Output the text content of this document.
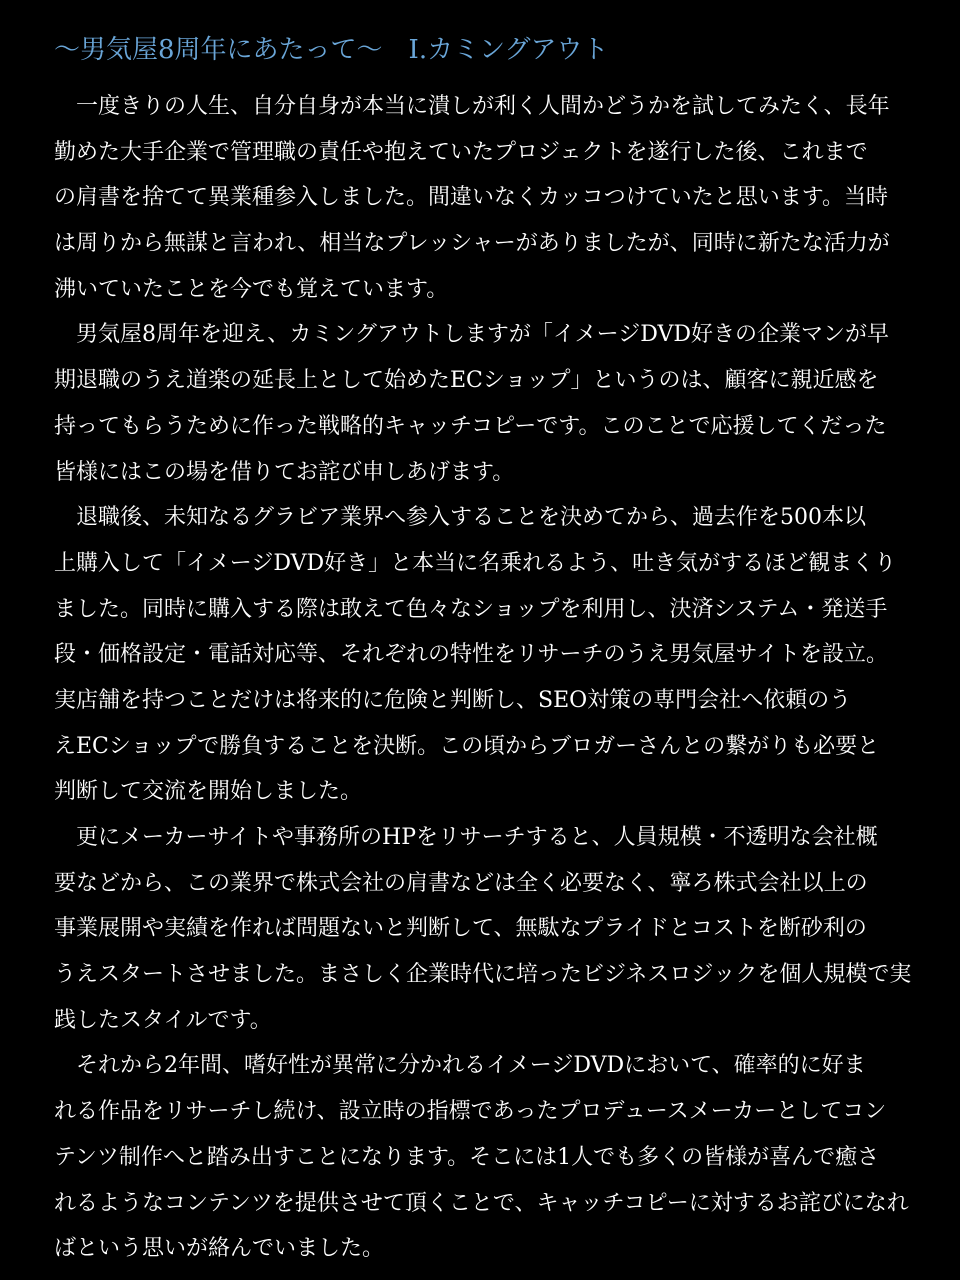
～男気屋8周年にあたって～　Ⅰ.カミングアウト
　一度きりの人生、自分自身が本当に潰しが利く人間かどうかを試してみたく、長年
勤めた大手企業で管理職の責任や抱えていたプロジェクトを遂行した後、これまで
の肩書を捨てて異業種参入しました。間違いなくカッコつけていたと思います。当時
は周りから無謀と言われ、相当なプレッシャーがありましたが、同時に新たな活力が
沸いていたことを今でも覚えています。
　男気屋8周年を迎え、カミングアウトしますが「イメージDVD好きの企業マンが早
期退職のうえ道楽の延長上として始めたECショップ」というのは、顧客に親近感を
持ってもらうために作った戦略的キャッチコピーです。このことで応援してくだった
皆様にはこの場を借りてお詫び申しあげます。
　退職後、未知なるグラビア業界へ参入することを決めてから、過去作を500本以
上購入して「イメージDVD好き」と本当に名乗れるよう、吐き気がするほど観まくり
ました。同時に購入する際は敢えて色々なショップを利用し、決済システム・発送手
段・価格設定・電話対応等、それぞれの特性をリサーチのうえ男気屋サイトを設立。
実店舗を持つことだけは将来的に危険と判断し、SEO対策の専門会社へ依頼のう
えECショップで勝負することを決断。この頃からブロガーさんとの繋がりも必要と
判断して交流を開始しました。
　更にメーカーサイトや事務所のHPをリサーチすると、人員規模・不透明な会社概
要などから、この業界で株式会社の肩書などは全く必要なく、寧ろ株式会社以上の
事業展開や実績を作れば問題ないと判断して、無駄なプライドとコストを断砂利の
うえスタートさせました。まさしく企業時代に培ったビジネスロジックを個人規模で実
践したスタイルです。
　それから2年間、嗜好性が異常に分かれるイメージDVDにおいて、確率的に好ま
れる作品をリサーチし続け、設立時の指標であったプロデュースメーカーとしてコン
テンツ制作へと踏み出すことになります。そこには1人でも多くの皆様が喜んで癒さ
れるようなコンテンツを提供させて頂くことで、キャッチコピーに対するお詫びになれ
ばという思いが絡んでいました。
